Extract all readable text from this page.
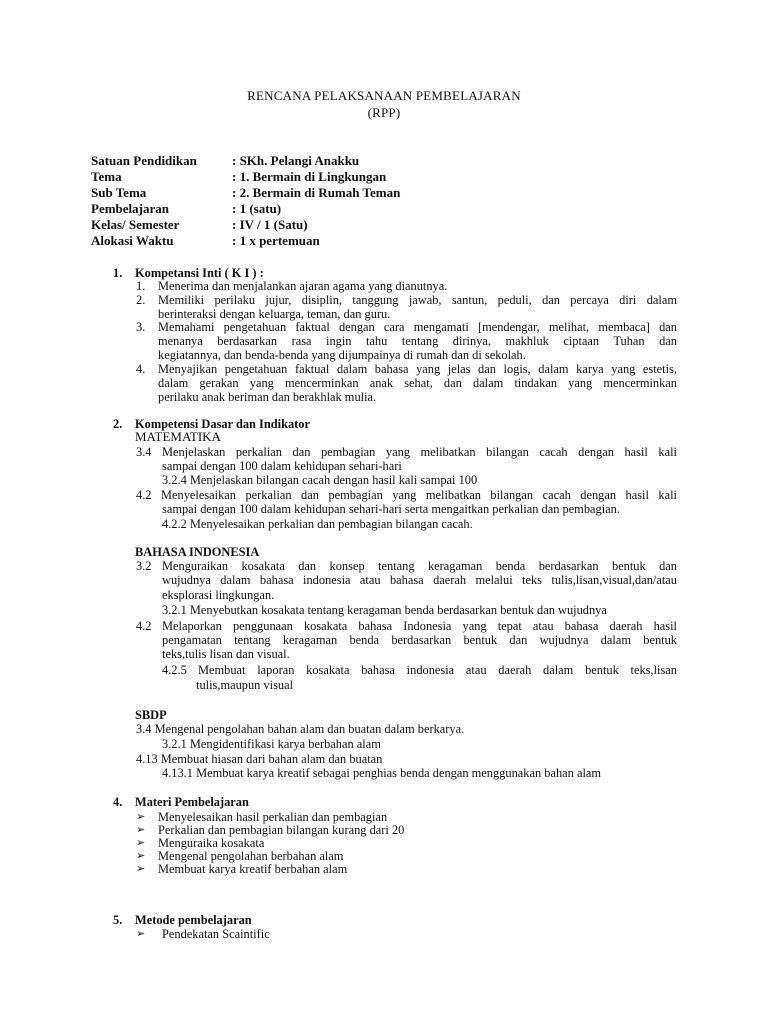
RENCANA PELAKSANAAN PEMBELAJARAN
(RPP)
Satuan Pendidikan	: SKh. Pelangi Anakku
Tema	: 1. Bermain di Lingkungan
Sub Tema	: 2. Bermain di Rumah Teman
Pembelajaran	: 1 (satu)
Kelas/ Semester	: IV / 1 (Satu)
Alokasi Waktu	: 1 x pertemuan
1. Kompetansi Inti ( K I ) :
1. Menerima dan menjalankan ajaran agama yang dianutnya.
2. Memiliki perilaku jujur, disiplin, tanggung jawab, santun, peduli, dan percaya diri dalam
berinteraksi dengan keluarga, teman, dan guru.
3. Memahami pengetahuan faktual dengan cara mengamati [mendengar, melihat, membaca] dan
menanya berdasarkan rasa ingin tahu tentang dirinya, makhluk ciptaan Tuhan dan
kegiatannya, dan benda-benda yang dijumpainya di rumah dan di sekolah.
4. Menyajikan pengetahuan faktual dalam bahasa yang jelas dan logis, dalam karya yang estetis,
dalam gerakan yang mencerminkan anak sehat, dan dalam tindakan yang mencerminkan
perilaku anak beriman dan berakhlak mulia.
2. Kompetensi Dasar dan Indikator
MATEMATIKA
3.4 Menjelaskan perkalian dan pembagian yang melibatkan bilangan cacah dengan hasil kali
sampai dengan 100 dalam kehidupan sehari-hari
3.2.4 Menjelaskan bilangan cacah dengan hasil kali sampai 100
4.2 Menyelesaikan perkalian dan pembagian yang melibatkan bilangan cacah dengan hasil kali
sampai dengan 100 dalam kehidupan sehari-hari serta mengaitkan perkalian dan pembagian.
4.2.2 Menyelesaikan perkalian dan pembagian bilangan cacah.
BAHASA INDONESIA
3.2 Menguraikan kosakata dan konsep tentang keragaman benda berdasarkan bentuk dan
wujudnya dalam bahasa indonesia atau bahasa daerah melalui teks tulis,lisan,visual,dan/atau
eksplorasi lingkungan.
3.2.1 Menyebutkan kosakata tentang keragaman benda berdasarkan bentuk dan wujudnya
4.2 Melaporkan penggunaan kosakata bahasa Indonesia yang tepat atau bahasa daerah hasil
pengamatan tentang keragaman benda berdasarkan bentuk dan wujudnya dalam bentuk
teks,tulis lisan dan visual.
4.2.5 Membuat laporan kosakata bahasa indonesia atau daerah dalam bentuk teks,lisan
tulis,maupun visual
SBDP
3.4 Mengenal pengolahan bahan alam dan buatan dalam berkarya.
3.2.1 Mengidentifikasi karya berbahan alam
4.13 Membuat hiasan dari bahan alam dan buatan
4.13.1 Membuat karya kreatif sebagai penghias benda dengan menggunakan bahan alam
4. Materi Pembelajaran
➢ Menyelesaikan hasil perkalian dan pembagian
➢ Perkalian dan pembagian bilangan kurang dari 20
➢ Menguraika kosakata
➢ Mengenal pengolahan berbahan alam
➢ Membuat karya kreatif berbahan alam
5. Metode pembelajaran
➢ Pendekatan Scaintific
